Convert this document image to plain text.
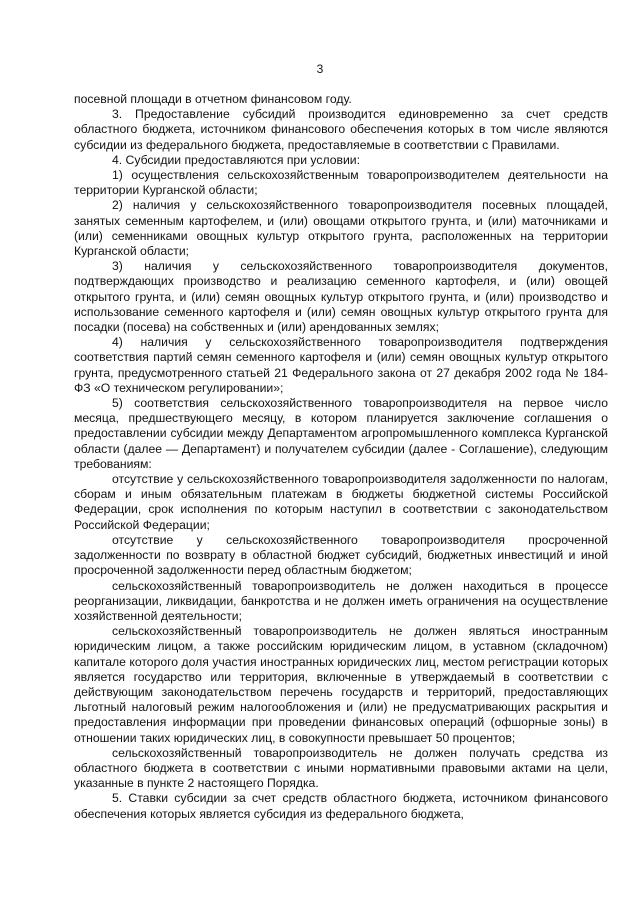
3

посевной площади в отчетном финансовом году.

3. Предоставление субсидий производится единовременно за счет средств областного бюджета, источником финансового обеспечения которых в том числе являются субсидии из федерального бюджета, предоставляемые в соответствии с Правилами.

4. Субсидии предоставляются при условии:

1) осуществления сельскохозяйственным товаропроизводителем деятельности на территории Курганской области;

2) наличия у сельскохозяйственного товаропроизводителя посевных площадей, занятых семенным картофелем, и (или) овощами открытого грунта, и (или) маточниками и (или) семенниками овощных культур открытого грунта, расположенных на территории Курганской области;

3) наличия у сельскохозяйственного товаропроизводителя документов, подтверждающих производство и реализацию семенного картофеля, и (или) овощей открытого грунта, и (или) семян овощных культур открытого грунта, и (или) производство и использование семенного картофеля и (или) семян овощных культур открытого грунта для посадки (посева) на собственных и (или) арендованных землях;

4) наличия у сельскохозяйственного товаропроизводителя подтверждения соответствия партий семян семенного картофеля и (или) семян овощных культур открытого грунта, предусмотренного статьей 21 Федерального закона от 27 декабря 2002 года № 184-ФЗ «О техническом регулировании»;

5) соответствия сельскохозяйственного товаропроизводителя на первое число месяца, предшествующего месяцу, в котором планируется заключение соглашения о предоставлении субсидии между Департаментом агропромышленного комплекса Курганской области (далее — Департамент) и получателем субсидии (далее - Соглашение), следующим требованиям:

отсутствие у сельскохозяйственного товаропроизводителя задолженности по налогам, сборам и иным обязательным платежам в бюджеты бюджетной системы Российской Федерации, срок исполнения по которым наступил в соответствии с законодательством Российской Федерации;

отсутствие у сельскохозяйственного товаропроизводителя просроченной задолженности по возврату в областной бюджет субсидий, бюджетных инвестиций и иной просроченной задолженности перед областным бюджетом;

сельскохозяйственный товаропроизводитель не должен находиться в процессе реорганизации, ликвидации, банкротства и не должен иметь ограничения на осуществление хозяйственной деятельности;

сельскохозяйственный товаропроизводитель не должен являться иностранным юридическим лицом, а также российским юридическим лицом, в уставном (складочном) капитале которого доля участия иностранных юридических лиц, местом регистрации которых является государство или территория, включенные в утверждаемый в соответствии с действующим законодательством перечень государств и территорий, предоставляющих льготный налоговый режим налогообложения и (или) не предусматривающих раскрытия и предоставления информации при проведении финансовых операций (офшорные зоны) в отношении таких юридических лиц, в совокупности превышает 50 процентов;

сельскохозяйственный товаропроизводитель не должен получать средства из областного бюджета в соответствии с иными нормативными правовыми актами на цели, указанные в пункте 2 настоящего Порядка.

5. Ставки субсидии за счет средств областного бюджета, источником финансового обеспечения которых является субсидия из федерального бюджета,
